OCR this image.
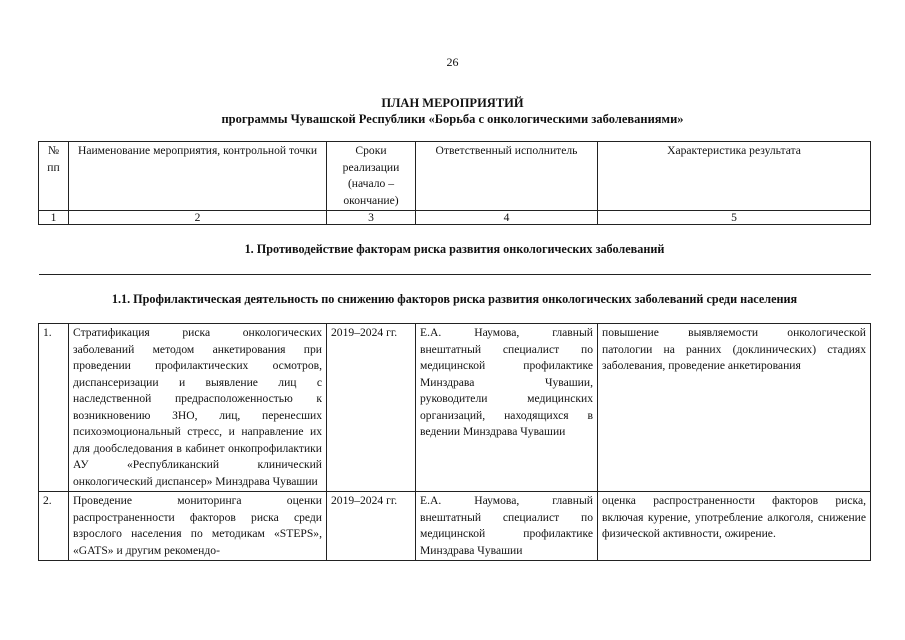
26
ПЛАН МЕРОПРИЯТИЙ
программы Чувашской Республики «Борьба с онкологическими заболеваниями»
№ пп	Наименование мероприятия, контрольной точки	Сроки реализации (начало – окончание)	Ответственный исполнитель	Характеристика результата
1	2	3	4	5
1. Противодействие факторам риска развития онкологических заболеваний				
1.1. Профилактическая деятельность по снижению факторов риска развития онкологических заболеваний среди населения				
1.	Стратификация риска онкологических заболеваний методом анкетирования при проведении профилактических осмотров, диспансеризации и выявление лиц с наследственной предрасположенностью к возникновению ЗНО, лиц, перенесших психоэмоциональный стресс, и направление их для дообследования в кабинет онкопрофилактики АУ «Республиканский клинический онкологический диспансер» Минздрава Чувашии	2019–2024 гг.	Е.А. Наумова, главный внештатный специалист по медицинской профилактике Минздрава Чувашии, руководители медицинских организаций, находящихся в ведении Минздрава Чувашии	повышение выявляемости онкологической патологии на ранних (доклинических) стадиях заболевания, проведение анкетирования
2.	Проведение мониторинга оценки распространенности факторов риска среди взрослого населения по методикам «STEPS», «GATS» и другим рекомендо-	2019–2024 гг.	Е.А. Наумова, главный внештатный специалист по медицинской профилактике Минздрава Чувашии	оценка распространенности факторов риска, включая курение, употребление алкоголя, снижение физической активности, ожирение.
